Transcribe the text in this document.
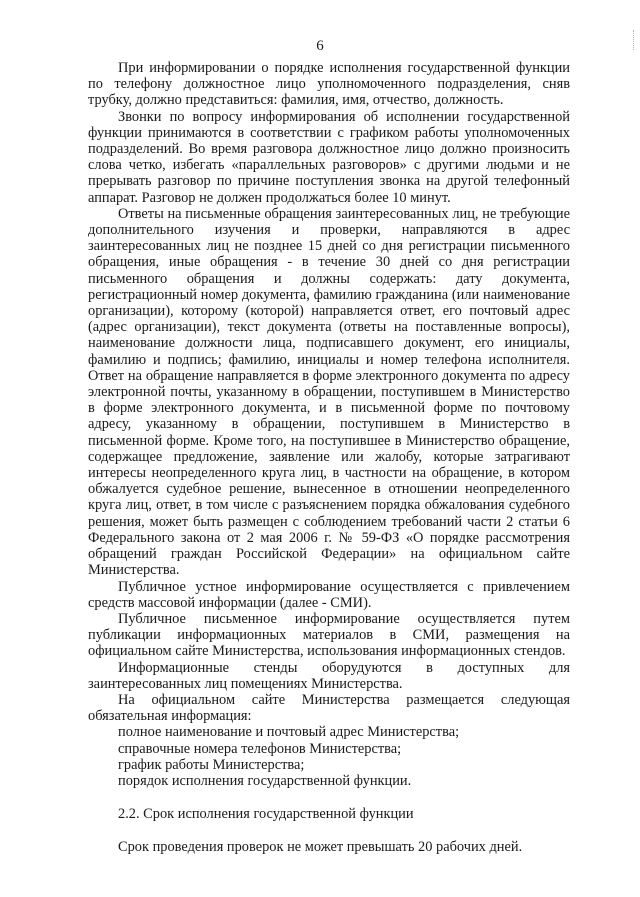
6

При информировании о порядке исполнения государственной функции по телефону должностное лицо уполномоченного подразделения, сняв трубку, должно представиться: фамилия, имя, отчество, должность.

Звонки по вопросу информирования об исполнении государственной функции принимаются в соответствии с графиком работы уполномоченных подразделений. Во время разговора должностное лицо должно произносить слова четко, избегать «параллельных разговоров» с другими людьми и не прерывать разговор по причине поступления звонка на другой телефонный аппарат. Разговор не должен продолжаться более 10 минут.

Ответы на письменные обращения заинтересованных лиц, не требующие дополнительного изучения и проверки, направляются в адрес заинтересованных лиц не позднее 15 дней со дня регистрации письменного обращения, иные обращения - в течение 30 дней со дня регистрации письменного обращения и должны содержать: дату документа, регистрационный номер документа, фамилию гражданина (или наименование организации), которому (которой) направляется ответ, его почтовый адрес (адрес организации), текст документа (ответы на поставленные вопросы), наименование должности лица, подписавшего документ, его инициалы, фамилию и подпись; фамилию, инициалы и номер телефона исполнителя. Ответ на обращение направляется в форме электронного документа по адресу электронной почты, указанному в обращении, поступившем в Министерство в форме электронного документа, и в письменной форме по почтовому адресу, указанному в обращении, поступившем в Министерство в письменной форме. Кроме того, на поступившее в Министерство обращение, содержащее предложение, заявление или жалобу, которые затрагивают интересы неопределенного круга лиц, в частности на обращение, в котором обжалуется судебное решение, вынесенное в отношении неопределенного круга лиц, ответ, в том числе с разъяснением порядка обжалования судебного решения, может быть размещен с соблюдением требований части 2 статьи 6 Федерального закона от 2 мая 2006 г. № 59-ФЗ «О порядке рассмотрения обращений граждан Российской Федерации» на официальном сайте Министерства.

Публичное устное информирование осуществляется с привлечением средств массовой информации (далее - СМИ).

Публичное письменное информирование осуществляется путем публикации информационных материалов в СМИ, размещения на официальном сайте Министерства, использования информационных стендов.

Информационные стенды оборудуются в доступных для заинтересованных лиц помещениях Министерства.

На официальном сайте Министерства размещается следующая обязательная информация:

полное наименование и почтовый адрес Министерства;
справочные номера телефонов Министерства;
график работы Министерства;
порядок исполнения государственной функции.

2.2. Срок исполнения государственной функции

Срок проведения проверок не может превышать 20 рабочих дней.
